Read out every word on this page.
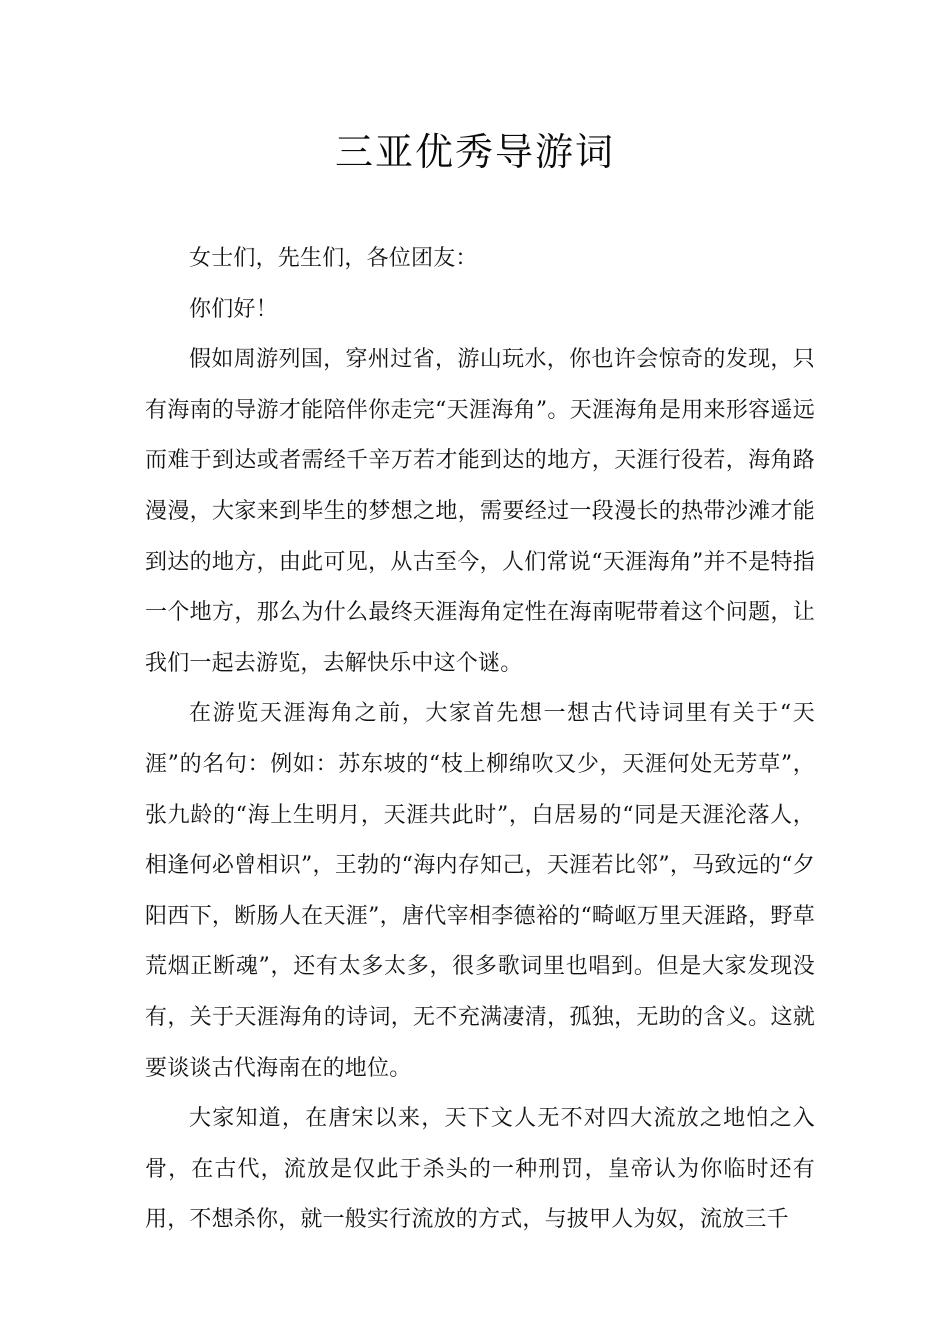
三亚优秀导游词

女士们，先生们，各位团友：

你们好！

假如周游列国，穿州过省，游山玩水，你也许会惊奇的发现，只有海南的导游才能陪伴你走完“天涯海角”。天涯海角是用来形容遥远而难于到达或者需经千辛万若才能到达的地方，天涯行役若，海角路漫漫，大家来到毕生的梦想之地，需要经过一段漫长的热带沙滩才能到达的地方，由此可见，从古至今，人们常说“天涯海角”并不是特指一个地方，那么为什么最终天涯海角定性在海南呢带着这个问题，让我们一起去游览，去解快乐中这个谜。

在游览天涯海角之前，大家首先想一想古代诗词里有关于“天涯”的名句：例如：苏东坡的“枝上柳绵吹又少，天涯何处无芳草”，张九龄的“海上生明月，天涯共此时”，白居易的“同是天涯沦落人，相逢何必曾相识”，王勃的“海内存知己，天涯若比邻”，马致远的“夕阳西下，断肠人在天涯”，唐代宰相李德裕的“畸岖万里天涯路，野草荒烟正断魂”，还有太多太多，很多歌词里也唱到。但是大家发现没有，关于天涯海角的诗词，无不充满凄清，孤独，无助的含义。这就要谈谈古代海南在的地位。

大家知道，在唐宋以来，天下文人无不对四大流放之地怕之入骨，在古代，流放是仅此于杀头的一种刑罚，皇帝认为你临时还有用，不想杀你，就一般实行流放的方式，与披甲人为奴，流放三千
